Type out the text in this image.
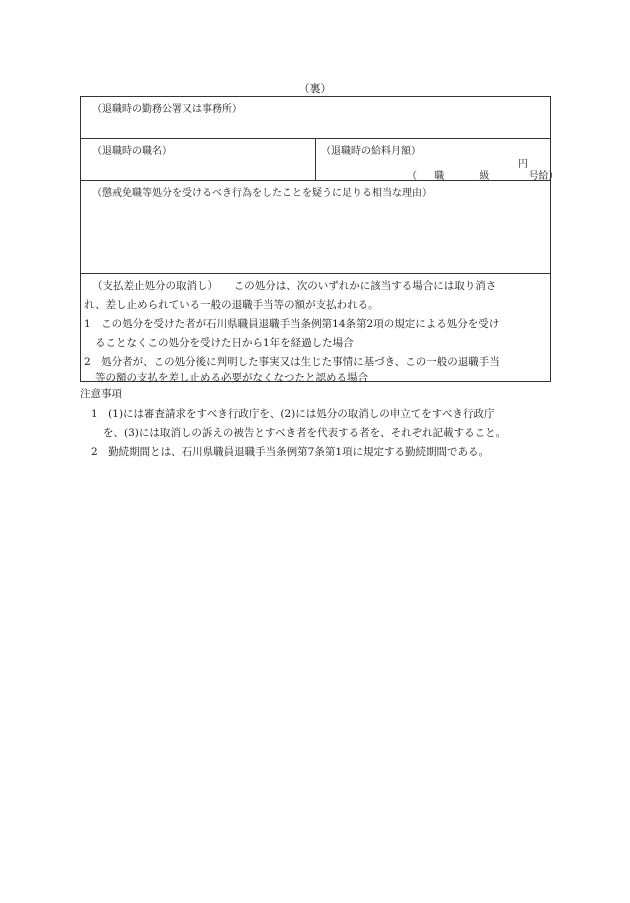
（裏）
（退職時の勤務公署又は事務所）
（退職時の職名）	（退職時の給料月額）
円
（ 職	級	号給）
（懲戒免職等処分を受けるべき行為をしたことを疑うに足りる相当な理由）
（支払差止処分の取消し）　　この処分は、次のいずれかに該当する場合には取り消さ
れ、差し止められている一般の退職手当等の額が支払われる。
1　この処分を受けた者が石川県職員退職手当条例第14条第2項の規定による処分を受け
ることなくこの処分を受けた日から1年を経過した場合
2　処分者が、この処分後に判明した事実又は生じた事情に基づき、この一般の退職手当
等の額の支払を差し止める必要がなくなつたと認める場合
注意事項
1　(1)には審査請求をすべき行政庁を、(2)には処分の取消しの申立てをすべき行政庁
を、(3)には取消しの訴えの被告とすべき者を代表する者を、それぞれ記載すること。
2　勤続期間とは、石川県職員退職手当条例第7条第1項に規定する勤続期間である。
